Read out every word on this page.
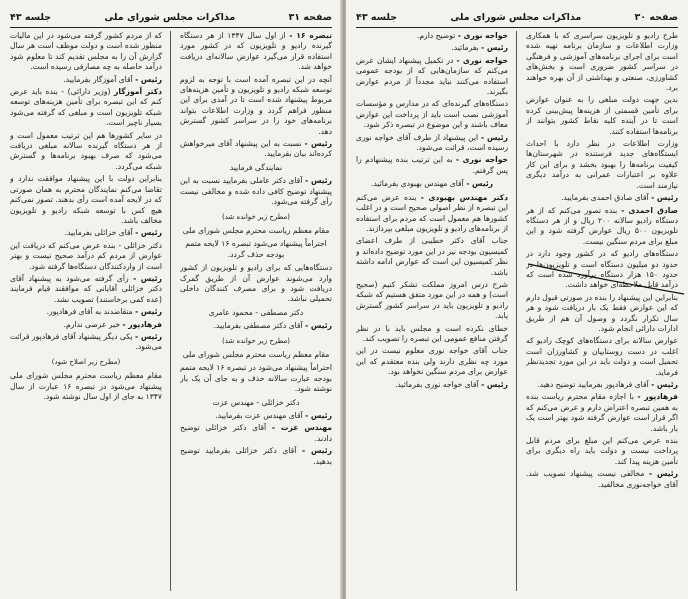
صفحه ۳۱
مذاکرات مجلس شورای ملی
جلسه ۴۳

تبصره ۱۶ - از اول سال ۱۳۴۷ از هر دستگاه گیرنده رادیو و تلویزیون که در کشور مورد استفاده قرار می‌گیرد عوارض سالانه‌ای دریافت خواهد شد.

آنچه در این تبصره آمده است با توجه به لزوم توسعه شبکه رادیو و تلویزیون و تأمین هزینه‌های مربوط پیشنهاد شده است تا در آمدی برای این منظور فراهم گردد و وزارت اطلاعات بتواند برنامه‌های خود را در سراسر کشور گسترش دهد.

رئیس - نسبت به این پیشنهاد آقای میرخواهش کرده‌اند بیان بفرمایید.

نمایندگی فرمایید

رئیس - آقای دکتر عاملی بفرمایید نسبت به این پیشنهاد توضیح کافی داده شده و مخالفی نیست رأی گرفته می‌شود.

(مطرح زیر خوانده شد)

مقام معظم ریاست محترم مجلس شورای ملی

احتراماً پیشنهاد می‌شود تبصره ۱۶ لایحه متمم بودجه حذف گردد.

دستگاه‌هایی که برای رادیو و تلویزیون از کشور وارد می‌شوند عوارض آن از طریق گمرک دریافت شود و برای مصرف کنندگان داخلی تحمیلی نباشد.

دکتر مصطفی - محمود عامری

رئیس - آقای دکتر مصطفی بفرمایید.

(مطرح زیر خوانده شد)

مقام معظم ریاست محترم مجلس شورای ملی

احتراماً پیشنهاد می‌شود در تبصره ۱۶ لایحه متمم بودجه عبارت سالانه حذف و به جای آن یک بار نوشته شود.

دکتر خزائلی - مهندس عزت

رئیس - آقای مهندس عزت بفرمایید.

مهندس عزت - آقای دکتر خزائلی توضیح دادند.

رئیس - آقای دکتر خزائلی بفرمایید توضیح بدهید.

که از مردم کشور گرفته می‌شود در این مالیات منظور شده است و دولت موظف است هر سال گزارش آن را به مجلس تقدیم کند تا معلوم شود درآمد حاصله به چه مصارفی رسیده است.

رئیس - آقای آموزگار بفرمایید.

دکتر آموزگار (وزیر دارائی) - بنده باید عرض کنم که این تبصره برای تأمین هزینه‌های توسعه شبکه تلویزیون است و مبلغی که گرفته می‌شود بسیار ناچیز است.

در سایر کشورها هم این ترتیب معمول است و از هر دستگاه گیرنده سالانه مبلغی دریافت می‌شود که صرف بهبود برنامه‌ها و گسترش شبکه می‌گردد.

بنابراین دولت با این پیشنهاد موافقت ندارد و تقاضا می‌کنم نمایندگان محترم به همان صورتی که در لایحه آمده است رأی بدهند. تصور نمی‌کنم هیچ کس با توسعه شبکه رادیو و تلویزیون مخالف باشد.

رئیس - آقای خزائلی بفرمایید.

دکتر خزائلی - بنده عرض می‌کنم که دریافت این عوارض از مردم کم درآمد صحیح نیست و بهتر است از واردکنندگان دستگاه‌ها گرفته شود.

رئیس - رأی گرفته می‌شود به پیشنهاد آقای دکتر خزائلی آقایانی که موافقند قیام فرمایند (عده کمی برخاستند) تصویب نشد.

رئیس - متقاضدند به آقای فرهادپور.

فرهادپور - خیر عرضی ندارم.

رئیس - یکی دیگر پیشنهاد آقای فرهادپور قرائت می‌شود.

(مطرح زیر اصلاح شود)

مقام معظم ریاست محترم مجلس شورای ملی پیشنهاد می‌شود در تبصره ۱۶ عبارت از سال ۱۳۴۷ به جای از اول سال نوشته شود.

صفحه ۳۰
مذاکرات مجلس شورای ملی
جلسه ۴۳

طرح رادیو و تلویزیون سراسری که با همکاری وزارت اطلاعات و سازمان برنامه تهیه شده است برای اجرای برنامه‌های آموزشی و فرهنگی در سراسر کشور ضروری است و بخش‌های کشاورزی، صنعتی و بهداشتی از آن بهره خواهند برد.

بدین جهت دولت مبلغی را به عنوان عوارض برای تأمین قسمتی از هزینه‌ها پیش‌بینی کرده است تا در آینده کلیه نقاط کشور بتوانند از برنامه‌ها استفاده کنند.

وزارت اطلاعات در نظر دارد با احداث ایستگاه‌های جدید فرستنده در شهرستان‌ها کیفیت برنامه‌ها را بهبود بخشد و برای این کار علاوه بر اعتبارات عمرانی به درآمد دیگری نیازمند است.

رئیس - آقای صادق احمدی بفرمایید.

صادق احمدی - بنده تصور می‌کنم که از هر دستگاه رادیو سالانه ۲۰۰ ریال و از هر دستگاه تلویزیون ۵۰۰ ریال عوارض گرفته شود و این مبلغ برای مردم سنگین نیست.

دستگاه‌های رادیو که در کشور وجود دارد در حدود دو میلیون دستگاه است و تلویزیون‌ها در حدود ۱۵۰ هزار دستگاه برآورد شده است که درآمد قابل ملاحظه‌ای خواهد داشت.

بنابراین این پیشنهاد را بنده در صورتی قبول دارم که این عوارض فقط یک بار دریافت شود و هر سال تکرار نگردد و وصول آن هم از طریق ادارات دارائی انجام شود.

عوارض سالانه برای دستگاه‌های کوچک رادیو که اغلب در دست روستاییان و کشاورزان است تحمیل است و دولت باید در این مورد تجدیدنظر فرماید.

رئیس - آقای فرهادپور بفرمایید توضیح دهید.

فرهادپور - با اجازه مقام محترم ریاست بنده به همین تبصره اعتراض دارم و عرض می‌کنم که اگر قرار است عوارض گرفته شود بهتر است یک بار باشد.

بنده عرض می‌کنم این مبلغ برای مردم قابل پرداخت نیست و دولت باید راه دیگری برای تأمین هزینه پیدا کند.

رئیس - مخالفی نیست پیشنهاد تصویب شد. آقای خواجه‌نوری مخالفید.

خواجه نوری - توضیح دارم.

رئیس - بفرمائید.

خواجه نوری - در تکمیل پیشنهاد ایشان عرض می‌کنم که سازمان‌هایی که از بودجه عمومی استفاده می‌کنند نباید مجدداً از مردم عوارض بگیرند.

دستگاه‌های گیرنده‌ای که در مدارس و مؤسسات آموزشی نصب است باید از پرداخت این عوارض معاف باشند و این موضوع در تبصره ذکر شود.

رئیس - این پیشنهاد از طرف آقای خواجه نوری رسیده است، قرائت می‌شود.

خواجه نوری - به این ترتیب بنده پیشنهادم را پس گرفتم.

رئیس - آقای مهندس بهبودی بفرمائید.

دکتر مهندس بهبودی - بنده عرض می‌کنم این تبصره از نظر اصولی صحیح است و در اغلب کشورها هم معمول است که مردم برای استفاده از برنامه‌های رادیو و تلویزیون مبلغی بپردازند.

جناب آقای دکتر خطیبی از طرف اعضای کمیسیون بودجه نیز در این مورد توضیح داده‌اند و نظر کمیسیون این است که عوارض ادامه داشته باشد.

شرح درس امروز مملکت تشکر کنیم (صحیح است) و همه در این مورد متفق هستیم که شبکه رادیو و تلویزیون باید در سراسر کشور گسترش یابد.

خطای نکرده است و مجلس باید با در نظر گرفتن منافع عمومی این تبصره را تصویب کند.

جناب آقای خواجه نوری معلوم نیست در این مورد چه نظری دارند ولی بنده معتقدم که این عوارض برای مردم سنگین نخواهد بود.

رئیس - آقای خواجه نوری بفرمائید.
